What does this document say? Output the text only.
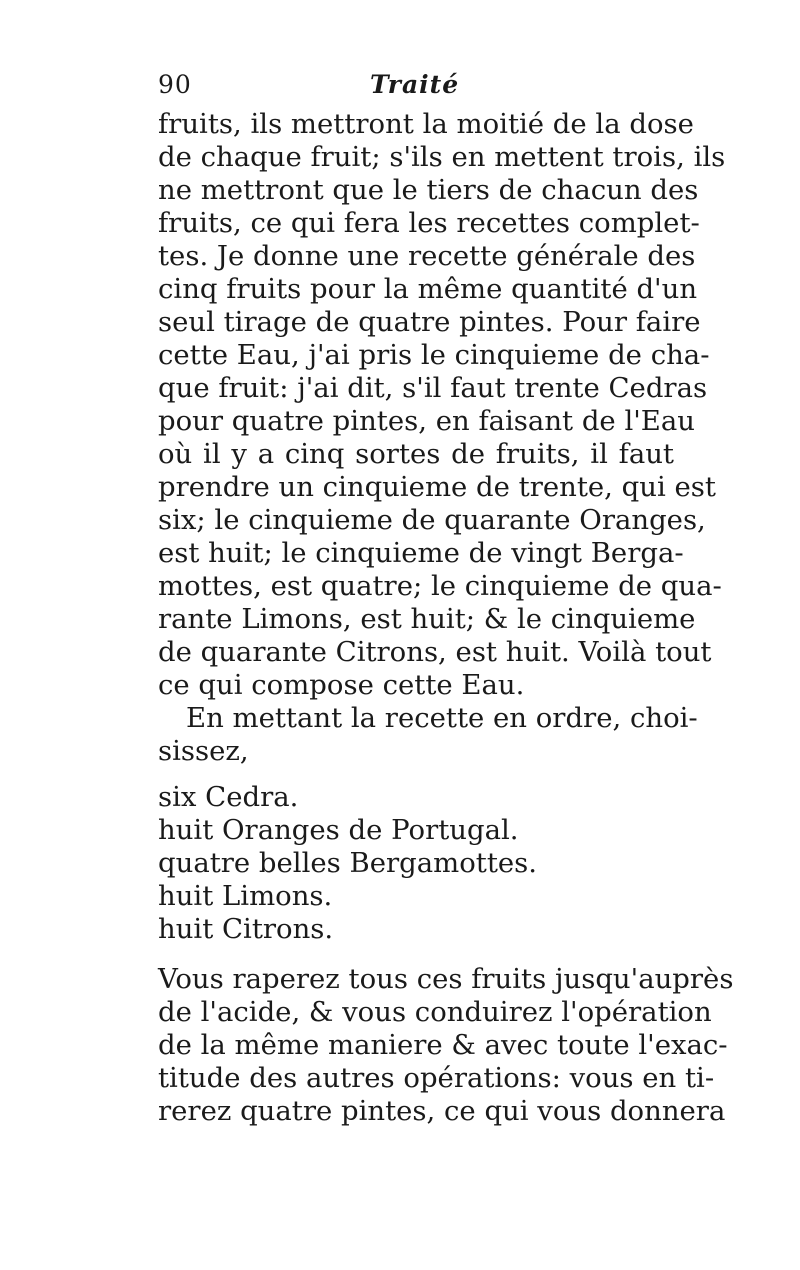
90	Traité
fruits, ils mettront la moitié de la dose
de chaque fruit; s'ils en mettent trois, ils
ne mettront que le tiers de chacun des
fruits, ce qui fera les recettes complet-
tes. Je donne une recette générale des
cinq fruits pour la même quantité d'un
seul tirage de quatre pintes. Pour faire
cette Eau, j'ai pris le cinquieme de cha-
que fruit: j'ai dit, s'il faut trente Cedras
pour quatre pintes, en faisant de l'Eau
où il y a cinq sortes de fruits, il faut
prendre un cinquieme de trente, qui est
six; le cinquieme de quarante Oranges,
est huit; le cinquieme de vingt Berga-
mottes, est quatre; le cinquieme de qua-
rante Limons, est huit; & le cinquieme
de quarante Citrons, est huit. Voilà tout
ce qui compose cette Eau.
En mettant la recette en ordre, choi-
sissez,
six Cedra.
huit Oranges de Portugal.
quatre belles Bergamottes.
huit Limons.
huit Citrons.
Vous raperez tous ces fruits jusqu'auprès
de l'acide, & vous conduirez l'opération
de la même maniere & avec toute l'exac-
titude des autres opérations: vous en ti-
rerez quatre pintes, ce qui vous donnera
